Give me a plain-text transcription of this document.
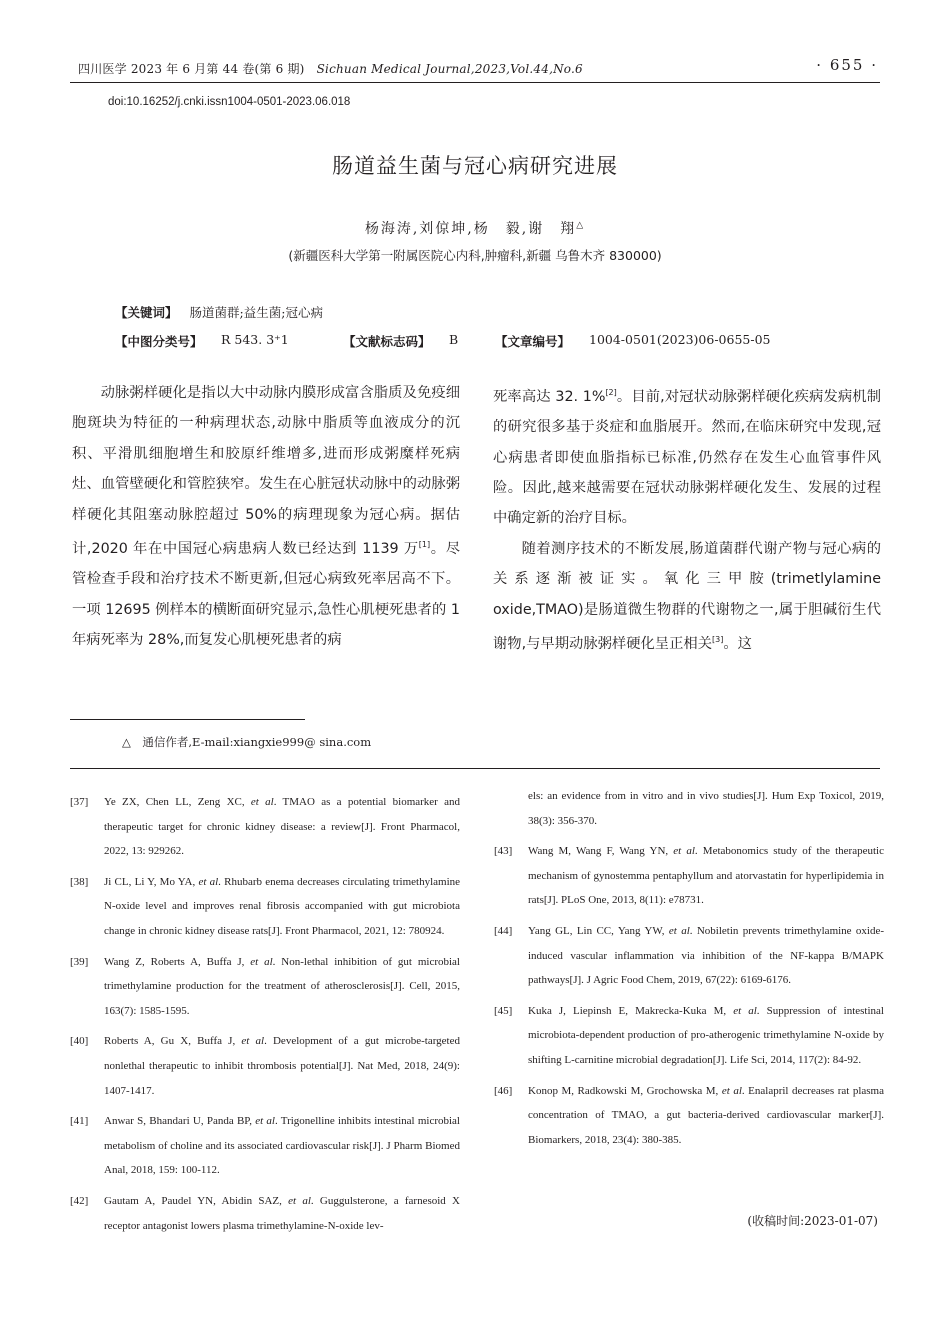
四川医学 2023 年 6 月第 44 卷(第 6 期) Sichuan Medical Journal,2023,Vol.44,No.6	· 655 ·
doi:10.16252/j.cnki.issn1004-0501-2023.06.018
肠道益生菌与冠心病研究进展
杨海涛,刘倞坤,杨　毅,谢　翔△
(新疆医科大学第一附属医院心内科,肿瘤科,新疆 乌鲁木齐 830000)
【关键词】 肠道菌群;益生菌;冠心病
【中图分类号】 R 543. 3⁺1	【文献标志码】 B	【文章编号】 1004-0501(2023)06-0655-05

动脉粥样硬化是指以大中动脉内膜形成富含脂质及免疫细胞斑块为特征的一种病理状态,动脉中脂质等血液成分的沉积、平滑肌细胞增生和胶原纤维增多,进而形成粥糜样死病灶、血管壁硬化和管腔狭窄。发生在心脏冠状动脉中的动脉粥样硬化其阻塞动脉腔超过 50%的病理现象为冠心病。据估计,2020 年在中国冠心病患病人数已经达到 1139 万[1]。尽管检查手段和治疗技术不断更新,但冠心病致死率居高不下。一项 12695 例样本的横断面研究显示,急性心肌梗死患者的 1 年病死率为 28%,而复发心肌梗死患者的病

死率高达 32. 1%[2]。目前,对冠状动脉粥样硬化疾病发病机制的研究很多基于炎症和血脂展开。然而,在临床研究中发现,冠心病患者即使血脂指标已标准,仍然存在发生心血管事件风险。因此,越来越需要在冠状动脉粥样硬化发生、发展的过程中确定新的治疗目标。

随着测序技术的不断发展,肠道菌群代谢产物与冠心病的关系逐渐被证实。氧化三甲胺(trimetlylamine oxide,TMAO)是肠道微生物群的代谢物之一,属于胆碱衍生代谢物,与早期动脉粥样硬化呈正相关[3]。这

△　通信作者,E-mail:xiangxie999@ sina.com
[37] Ye ZX, Chen LL, Zeng XC, et al. TMAO as a potential biomarker and therapeutic target for chronic kidney disease: a review[J]. Front Pharmacol, 2022, 13: 929262.
[38] Ji CL, Li Y, Mo YA, et al. Rhubarb enema decreases circulating trimethylamine N-oxide level and improves renal fibrosis accompanied with gut microbiota change in chronic kidney disease rats[J]. Front Pharmacol, 2021, 12: 780924.
[39] Wang Z, Roberts A, Buffa J, et al. Non-lethal inhibition of gut microbial trimethylamine production for the treatment of atherosclerosis[J]. Cell, 2015, 163(7): 1585-1595.
[40] Roberts A, Gu X, Buffa J, et al. Development of a gut microbe-targeted nonlethal therapeutic to inhibit thrombosis potential[J]. Nat Med, 2018, 24(9): 1407-1417.
[41] Anwar S, Bhandari U, Panda BP, et al. Trigonelline inhibits intestinal microbial metabolism of choline and its associated cardiovascular risk[J]. J Pharm Biomed Anal, 2018, 159: 100-112.
[42] Gautam A, Paudel YN, Abidin SAZ, et al. Guggulsterone, a farnesoid X receptor antagonist lowers plasma trimethylamine-N-oxide lev-
els: an evidence from in vitro and in vivo studies[J]. Hum Exp Toxicol, 2019, 38(3): 356-370.
[43] Wang M, Wang F, Wang YN, et al. Metabonomics study of the therapeutic mechanism of gynostemma pentaphyllum and atorvastatin for hyperlipidemia in rats[J]. PLoS One, 2013, 8(11): e78731.
[44] Yang GL, Lin CC, Yang YW, et al. Nobiletin prevents trimethylamine oxide-induced vascular inflammation via inhibition of the NF-kappa B/MAPK pathways[J]. J Agric Food Chem, 2019, 67(22): 6169-6176.
[45] Kuka J, Liepinsh E, Makrecka-Kuka M, et al. Suppression of intestinal microbiota-dependent production of pro-atherogenic trimethylamine N-oxide by shifting L-carnitine microbial degradation[J]. Life Sci, 2014, 117(2): 84-92.
[46] Konop M, Radkowski M, Grochowska M, et al. Enalapril decreases rat plasma concentration of TMAO, a gut bacteria-derived cardiovascular marker[J]. Biomarkers, 2018, 23(4): 380-385.
(收稿时间:2023-01-07)
